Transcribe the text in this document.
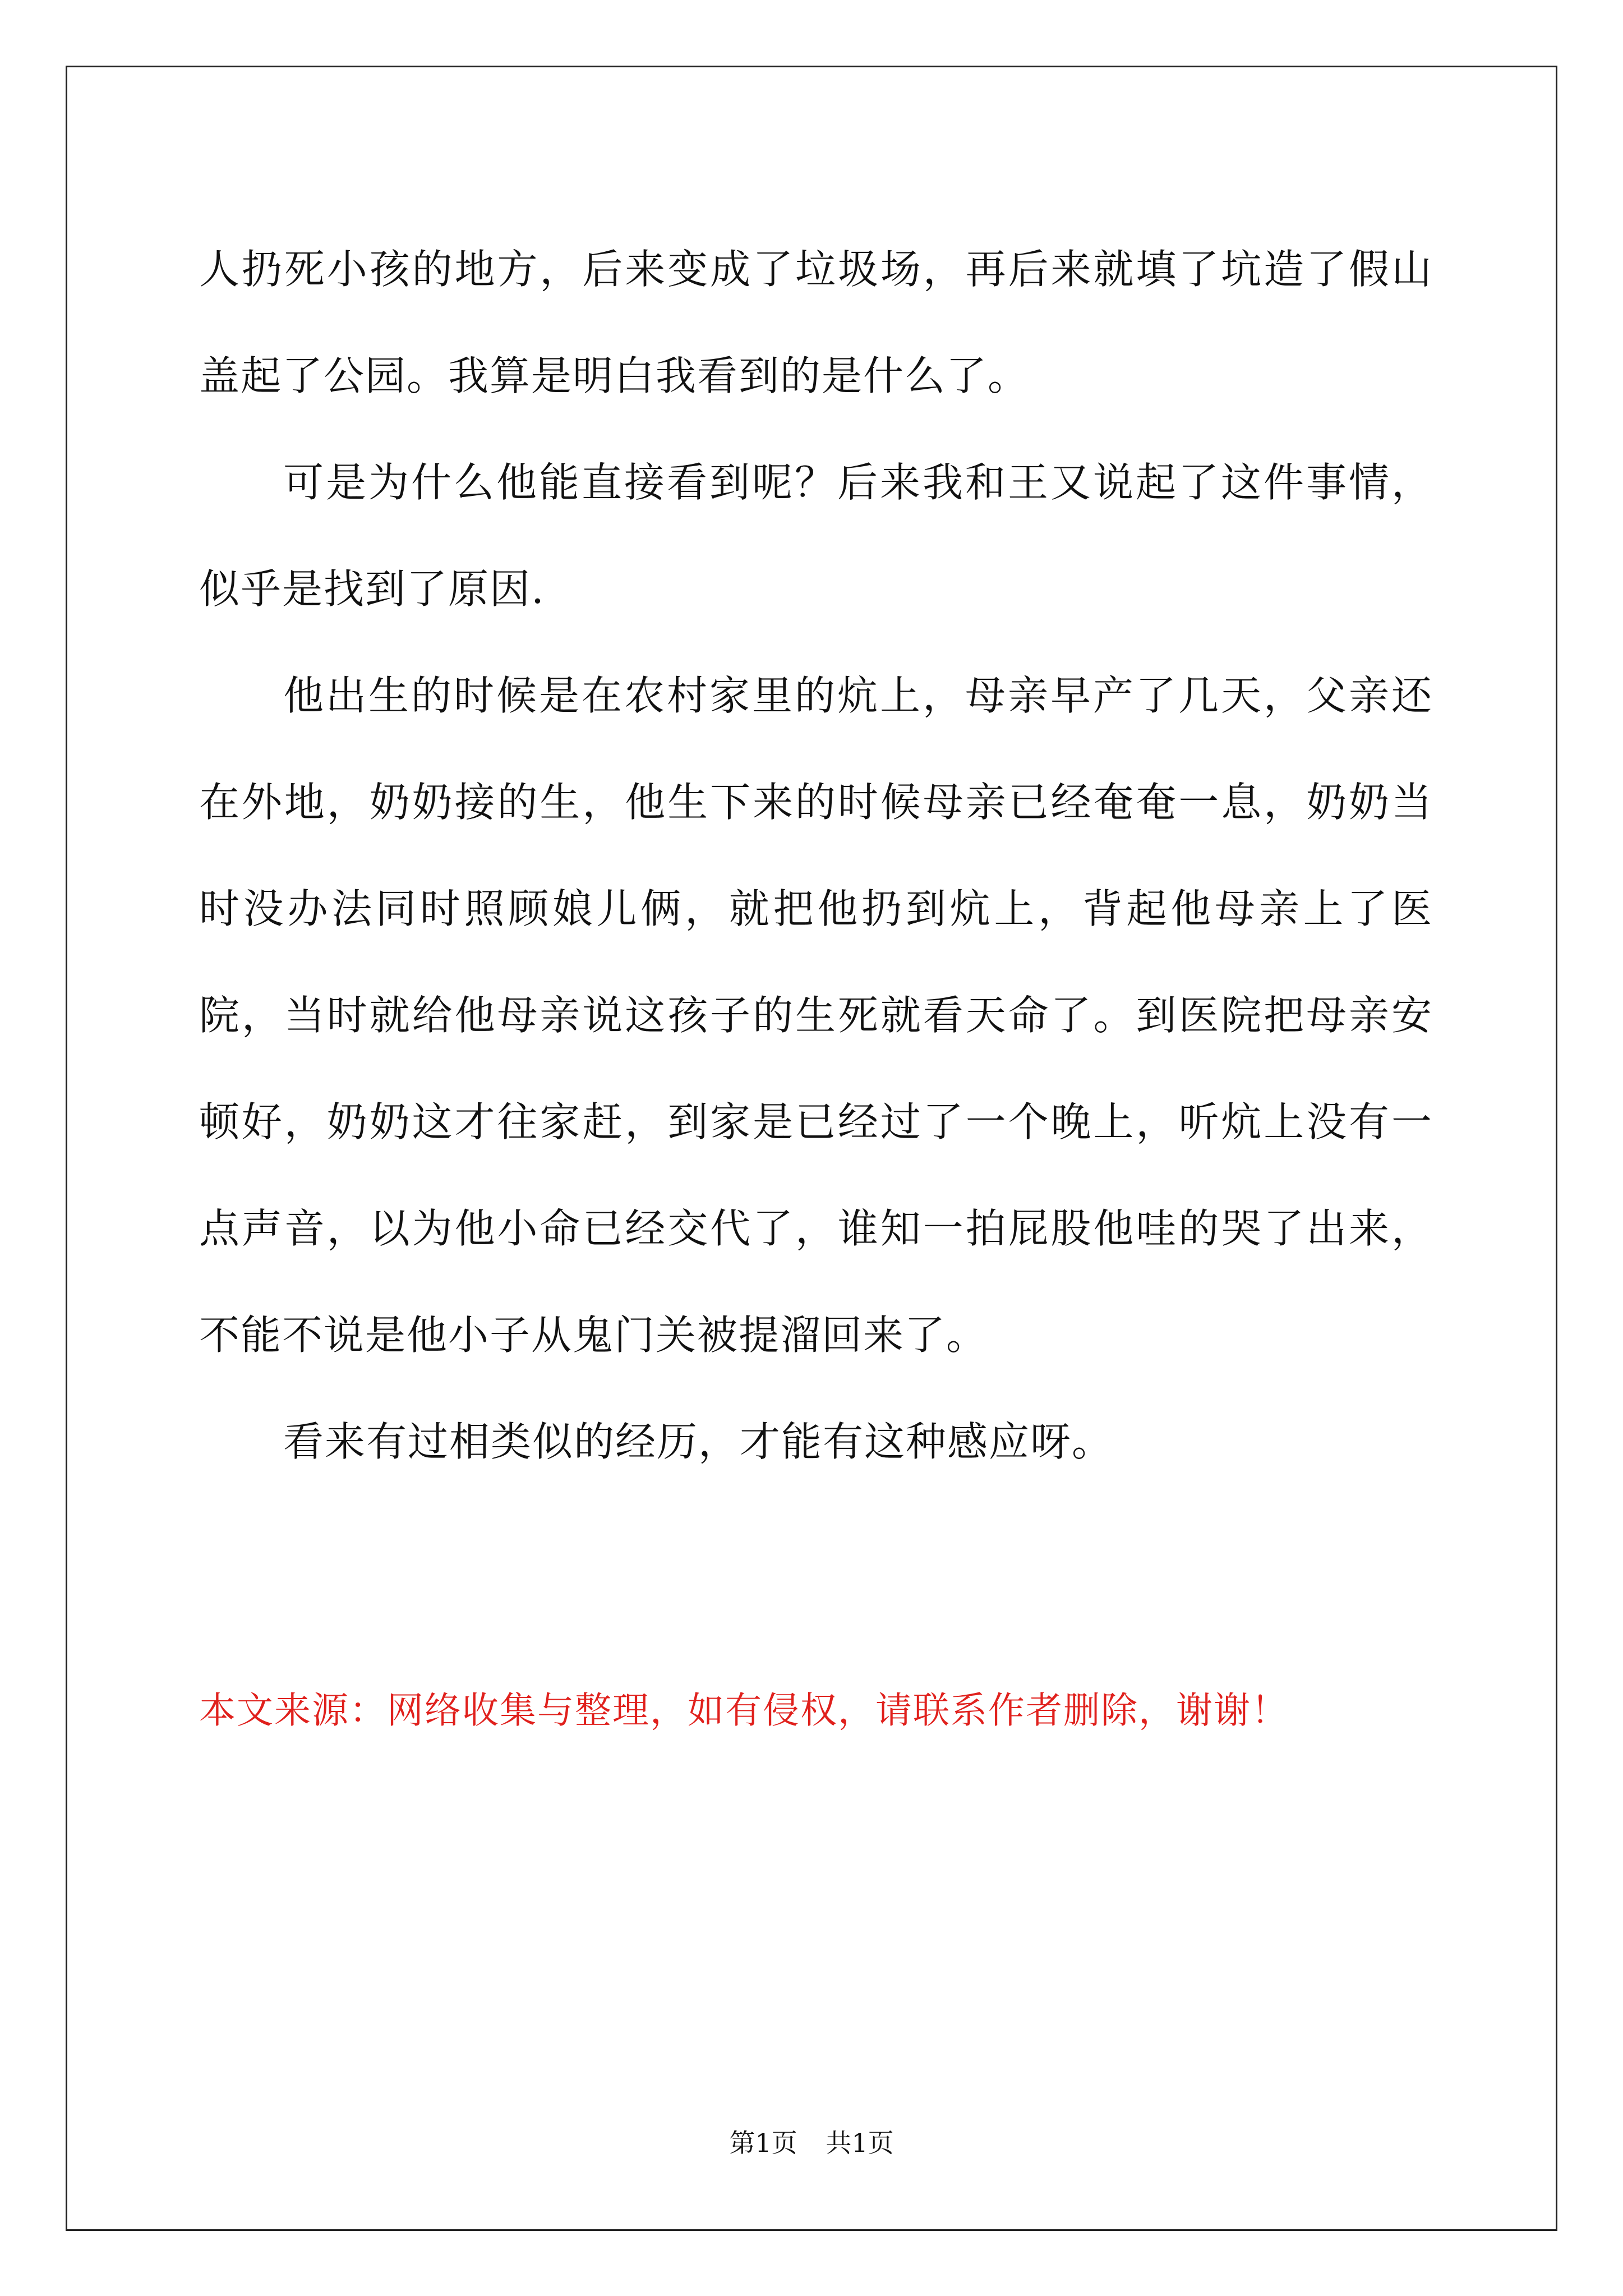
人扔死小孩的地方，后来变成了垃圾场，再后来就填了坑造了假山盖起了公园。我算是明白我看到的是什么了。

可是为什么他能直接看到呢？后来我和王又说起了这件事情，似乎是找到了原因.

他出生的时候是在农村家里的炕上，母亲早产了几天，父亲还在外地，奶奶接的生，他生下来的时候母亲已经奄奄一息，奶奶当时没办法同时照顾娘儿俩，就把他扔到炕上，背起他母亲上了医院，当时就给他母亲说这孩子的生死就看天命了。到医院把母亲安顿好，奶奶这才往家赶，到家是已经过了一个晚上，听炕上没有一点声音，以为他小命已经交代了，谁知一拍屁股他哇的哭了出来，不能不说是他小子从鬼门关被提溜回来了。

看来有过相类似的经历，才能有这种感应呀。

本文来源：网络收集与整理，如有侵权，请联系作者删除，谢谢！

第1页 共1页
